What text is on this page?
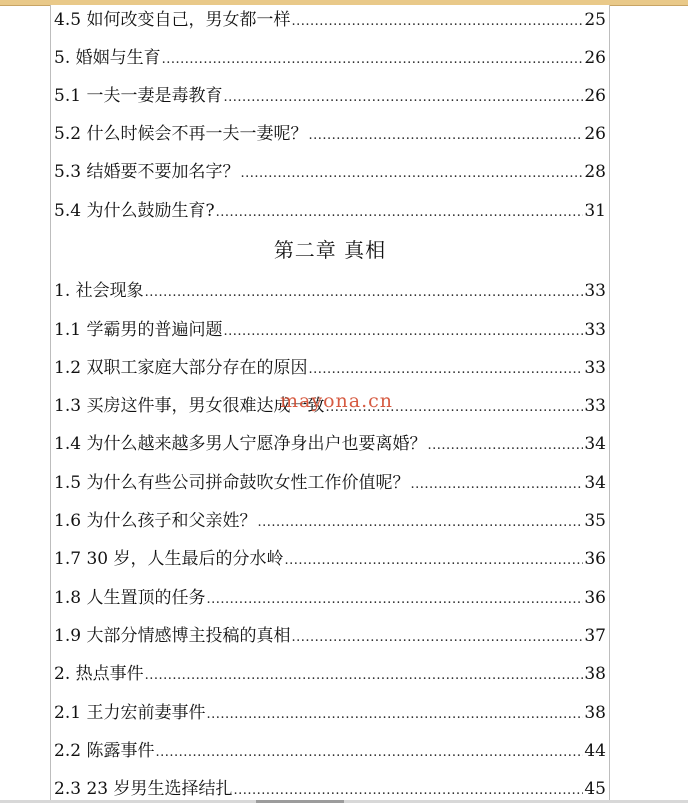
4.5 如何改变自己，男女都一样 .....	25
5. 婚姻与生育 .....	26
5.1 一夫一妻是毒教育 .....	26
5.2 什么时候会不再一夫一妻呢？ .....	26
5.3 结婚要不要加名字？ .....	28
5.4 为什么鼓励生育? .....	31
第二章 真相
1. 社会现象 .....	33
1.1 学霸男的普遍问题 .....	33
1.2 双职工家庭大部分存在的原因 .....	33
1.3 买房这件事，男女很难达成一致 .....	33
1.4 为什么越来越多男人宁愿净身出户也要离婚？ .....	34
1.5 为什么有些公司拼命鼓吹女性工作价值呢？ .....	34
1.6 为什么孩子和父亲姓？ .....	35
1.7 30 岁，人生最后的分水岭 .....	36
1.8 人生置顶的任务 .....	36
1.9 大部分情感博主投稿的真相 .....	37
2. 热点事件 .....	38
2.1 王力宏前妻事件 .....	38
2.2 陈露事件 .....	44
2.3 23 岁男生选择结扎 .....	45
mayona.cn
